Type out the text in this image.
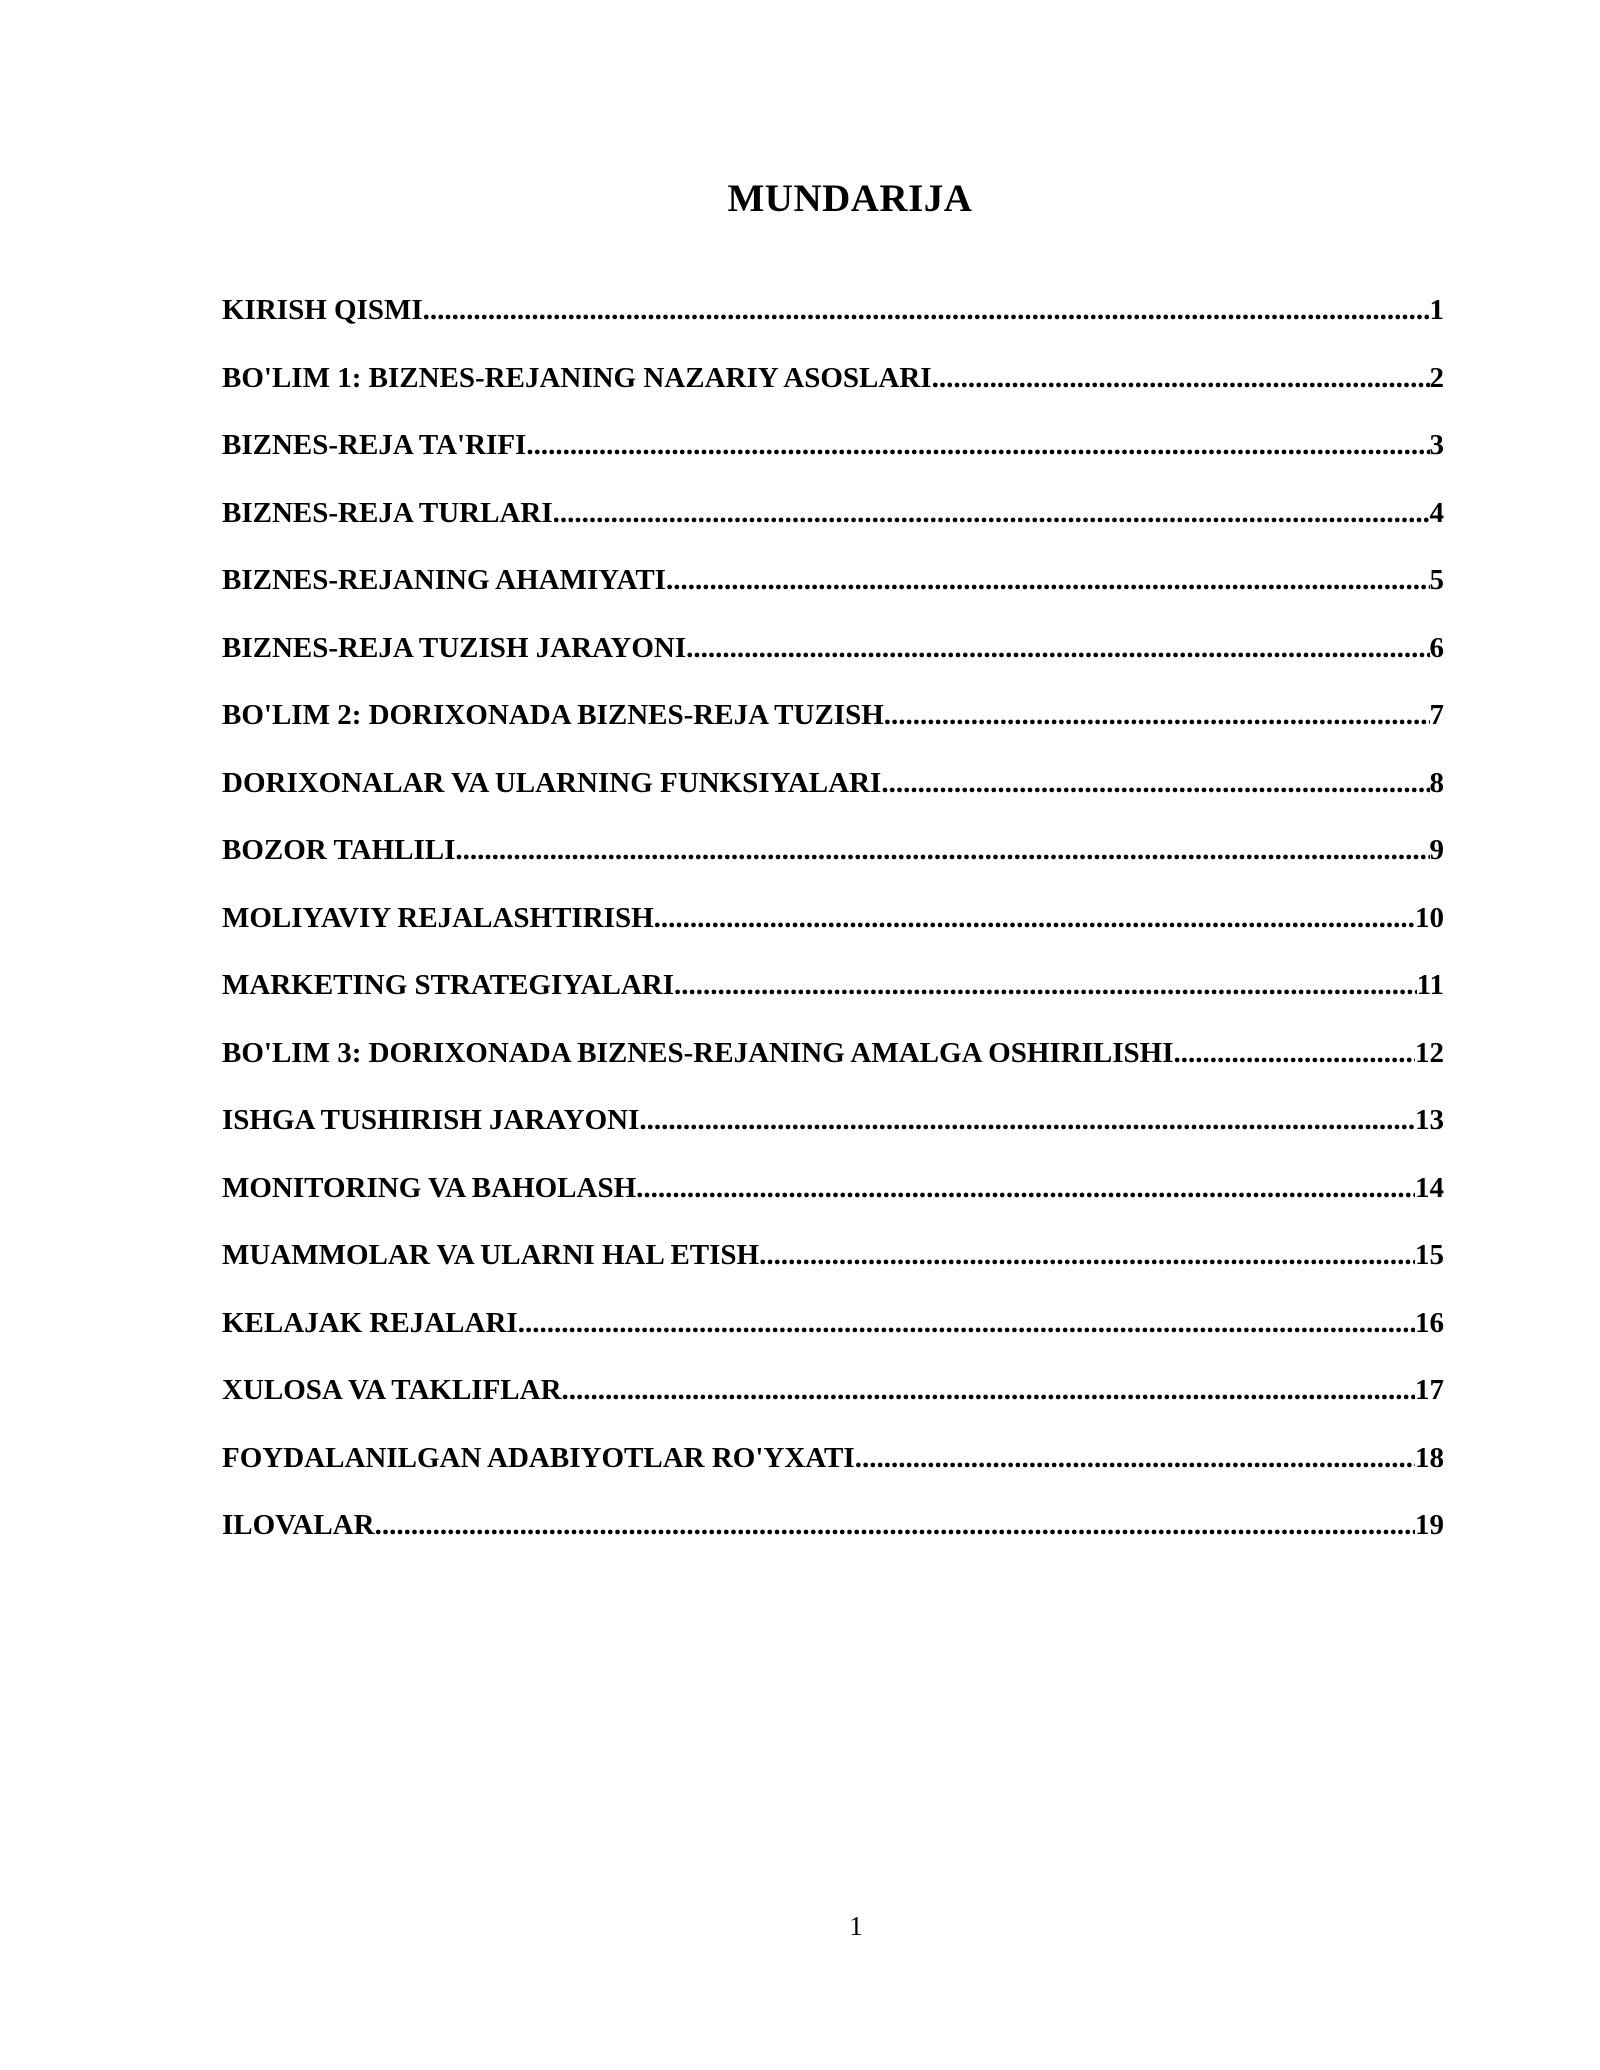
MUNDARIJA
KIRISH QISMI .....	1
BO'LIM 1: BIZNES-REJANING NAZARIY ASOSLARI .....	2
BIZNES-REJA TA'RIFI .....	3
BIZNES-REJA TURLARI .....	4
BIZNES-REJANING AHAMIYATI .....	5
BIZNES-REJA TUZISH JARAYONI .....	6
BO'LIM 2: DORIXONADA BIZNES-REJA TUZISH .....	7
DORIXONALAR VA ULARNING FUNKSIYALARI .....	8
BOZOR TAHLILI .....	9
MOLIYAVIY REJALASHTIRISH .....	10
MARKETING STRATEGIYALARI .....	11
BO'LIM 3: DORIXONADA BIZNES-REJANING AMALGA OSHIRILISHI .....	12
ISHGA TUSHIRISH JARAYONI .....	13
MONITORING VA BAHOLASH .....	14
MUAMMOLAR VA ULARNI HAL ETISH .....	15
KELAJAK REJALARI .....	16
XULOSA VA TAKLIFLAR .....	17
FOYDALANILGAN ADABIYOTLAR RO'YXATI .....	18
ILOVALAR .....	19
1
